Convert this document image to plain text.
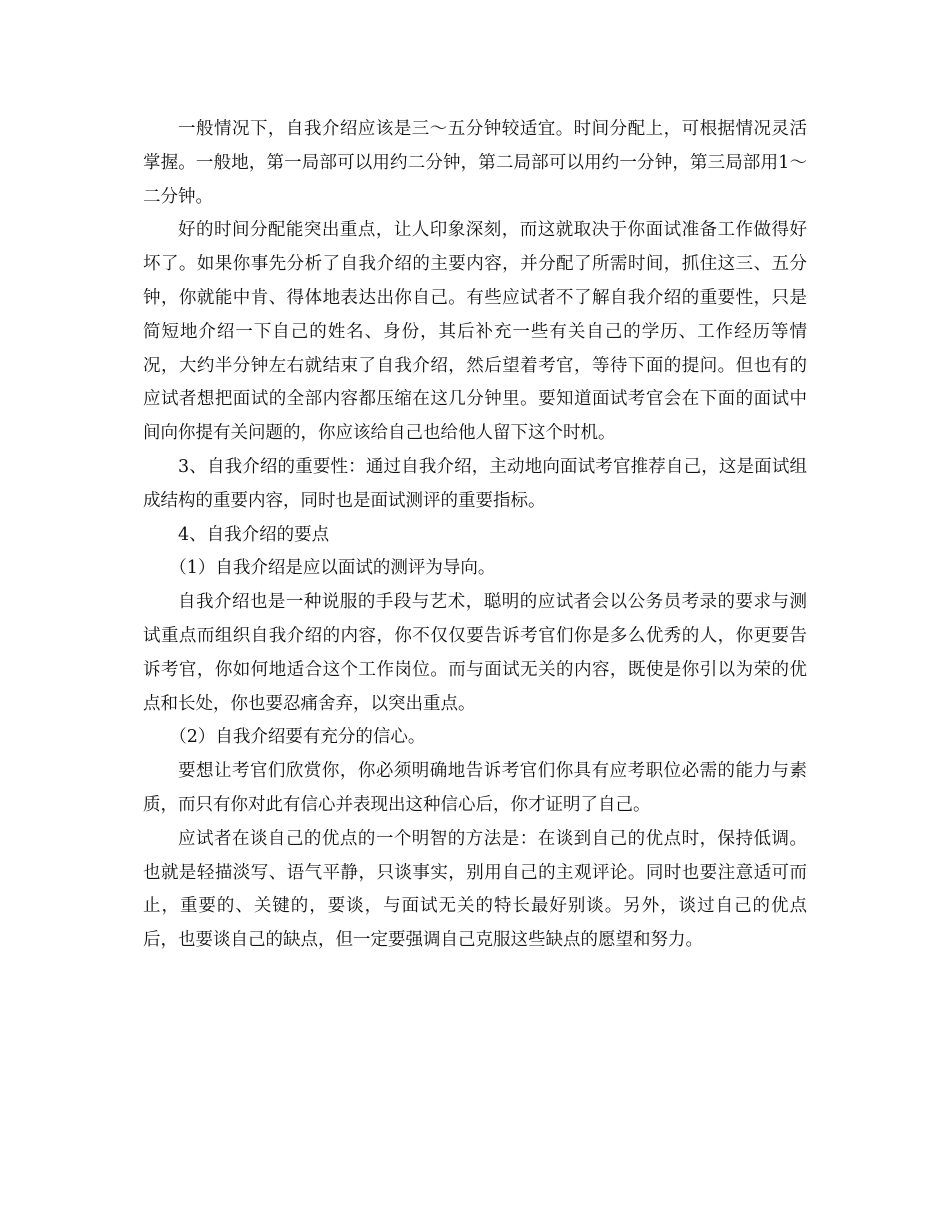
一般情况下，自我介绍应该是三～五分钟较适宜。时间分配上，可根据情况灵活掌握。一般地，第一局部可以用约二分钟，第二局部可以用约一分钟，第三局部用1～二分钟。

好的时间分配能突出重点，让人印象深刻，而这就取决于你面试准备工作做得好坏了。如果你事先分析了自我介绍的主要内容，并分配了所需时间，抓住这三、五分钟，你就能中肯、得体地表达出你自己。有些应试者不了解自我介绍的重要性，只是简短地介绍一下自己的姓名、身份，其后补充一些有关自己的学历、工作经历等情况，大约半分钟左右就结束了自我介绍，然后望着考官，等待下面的提问。但也有的应试者想把面试的全部内容都压缩在这几分钟里。要知道面试考官会在下面的面试中间向你提有关问题的，你应该给自己也给他人留下这个时机。

3、自我介绍的重要性：通过自我介绍，主动地向面试考官推荐自己，这是面试组成结构的重要内容，同时也是面试测评的重要指标。

4、自我介绍的要点

（1）自我介绍是应以面试的测评为导向。

自我介绍也是一种说服的手段与艺术，聪明的应试者会以公务员考录的要求与测试重点而组织自我介绍的内容，你不仅仅要告诉考官们你是多么优秀的人，你更要告诉考官，你如何地适合这个工作岗位。而与面试无关的内容，既使是你引以为荣的优点和长处，你也要忍痛舍弃，以突出重点。

（2）自我介绍要有充分的信心。

要想让考官们欣赏你，你必须明确地告诉考官们你具有应考职位必需的能力与素质，而只有你对此有信心并表现出这种信心后，你才证明了自己。

应试者在谈自己的优点的一个明智的方法是：在谈到自己的优点时，保持低调。也就是轻描淡写、语气平静，只谈事实，别用自己的主观评论。同时也要注意适可而止，重要的、关键的，要谈，与面试无关的特长最好别谈。另外，谈过自己的优点后，也要谈自己的缺点，但一定要强调自己克服这些缺点的愿望和努力。
